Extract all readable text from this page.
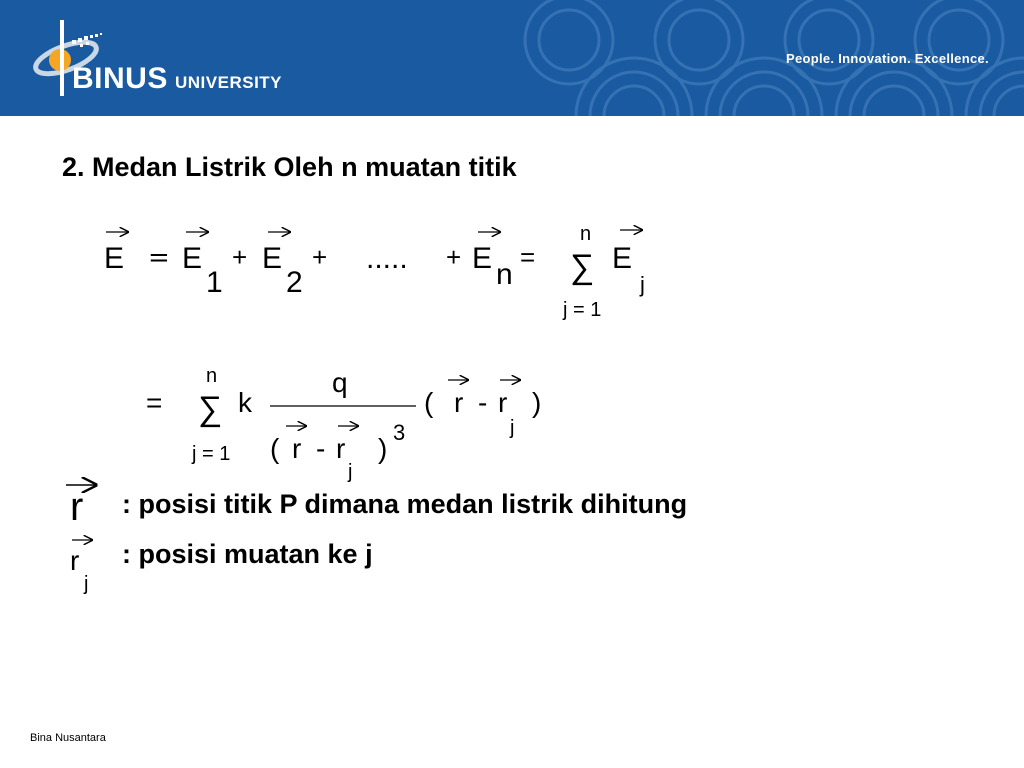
BINUS UNIVERSITY
People. Innovation. Excellence.
2. Medan Listrik Oleh n muatan titik
E = E
1
+ E
2
+ ..... + E n
=
n
∑
j = 1
E
j
=
n
∑
j = 1
k
q
( r - r
j
)
3
( r - r
j
)
r
r
j
: posisi titik P dimana medan listrik dihitung
: posisi muatan ke j
Bina Nusantara
